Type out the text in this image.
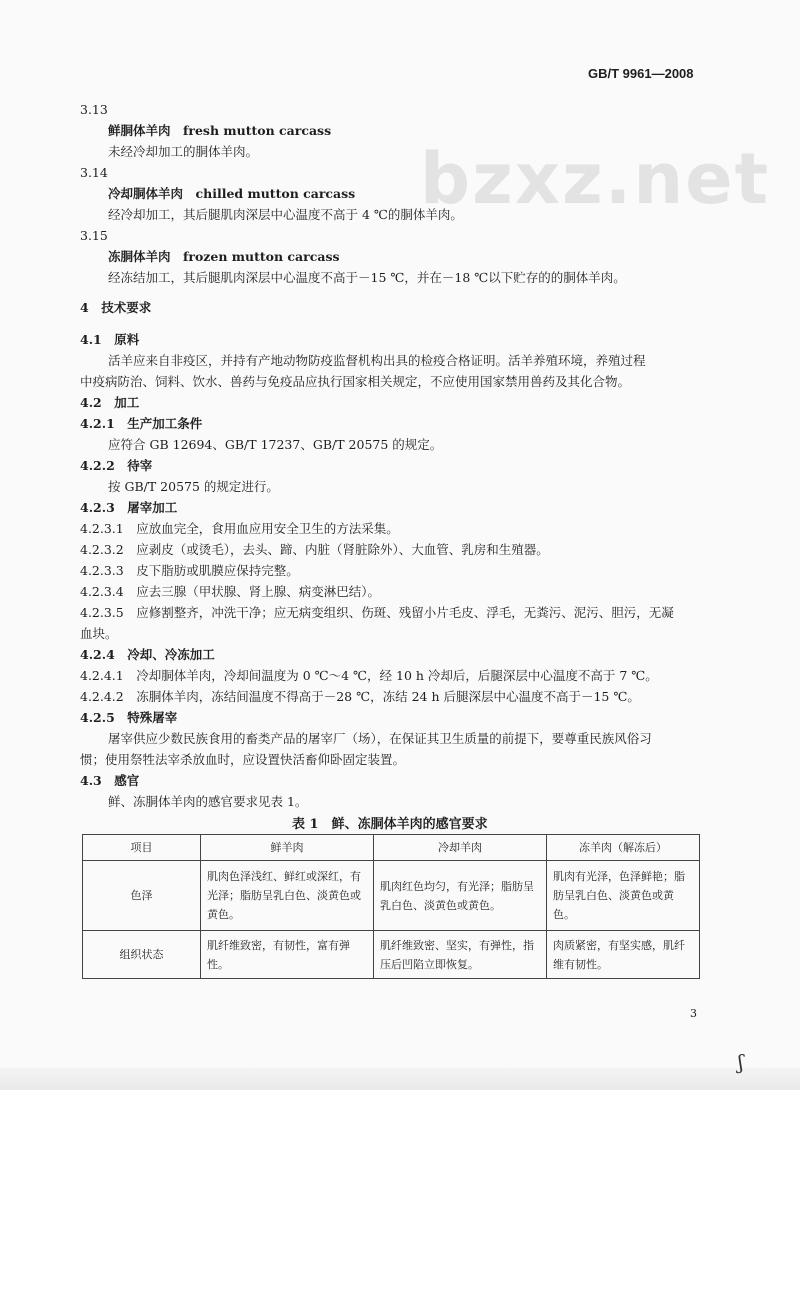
GB/T 9961—2008
bzxz.net
3.13
鲜胴体羊肉　fresh mutton carcass
未经冷却加工的胴体羊肉。
3.14
冷却胴体羊肉　chilled mutton carcass
经冷却加工，其后腿肌肉深层中心温度不高于 4 ℃的胴体羊肉。
3.15
冻胴体羊肉　frozen mutton carcass
经冻结加工，其后腿肌肉深层中心温度不高于－15 ℃，并在－18 ℃以下贮存的的胴体羊肉。
4　技术要求
4.1　原料
活羊应来自非疫区，并持有产地动物防疫监督机构出具的检疫合格证明。活羊养殖环境，养殖过程
中疫病防治、饲料、饮水、兽药与免疫品应执行国家相关规定，不应使用国家禁用兽药及其化合物。
4.2　加工
4.2.1　生产加工条件
应符合 GB 12694、GB/T 17237、GB/T 20575 的规定。
4.2.2　待宰
按 GB/T 20575 的规定进行。
4.2.3　屠宰加工
4.2.3.1　应放血完全，食用血应用安全卫生的方法采集。
4.2.3.2　应剥皮（或烫毛），去头、蹄、内脏（肾脏除外）、大血管、乳房和生殖器。
4.2.3.3　皮下脂肪或肌膜应保持完整。
4.2.3.4　应去三腺（甲状腺、肾上腺、病变淋巴结）。
4.2.3.5　应修割整齐，冲洗干净；应无病变组织、伤斑、残留小片毛皮、浮毛，无粪污、泥污、胆污，无凝
血块。
4.2.4　冷却、冷冻加工
4.2.4.1　冷却胴体羊肉，冷却间温度为 0 ℃～4 ℃，经 10 h 冷却后，后腿深层中心温度不高于 7 ℃。
4.2.4.2　冻胴体羊肉，冻结间温度不得高于－28 ℃，冻结 24 h 后腿深层中心温度不高于－15 ℃。
4.2.5　特殊屠宰
屠宰供应少数民族食用的畜类产品的屠宰厂（场），在保证其卫生质量的前提下，要尊重民族风俗习
惯；使用祭牲法宰杀放血时，应设置快活畜仰卧固定装置。
4.3　感官
鲜、冻胴体羊肉的感官要求见表 1。
表 1　鲜、冻胴体羊肉的感官要求
项目	鲜羊肉	冷却羊肉	冻羊肉（解冻后）
色泽	肌肉色泽浅红、鲜红或深红，有光泽；脂肪呈乳白色、淡黄色或黄色。	肌肉红色均匀，有光泽；脂肪呈乳白色、淡黄色或黄色。	肌肉有光泽，色泽鲜艳；脂肪呈乳白色、淡黄色或黄色。
组织状态	肌纤维致密，有韧性，富有弹性。	肌纤维致密、坚实，有弹性，指压后凹陷立即恢复。	肉质紧密，有坚实感，肌纤维有韧性。
3
ʃ
